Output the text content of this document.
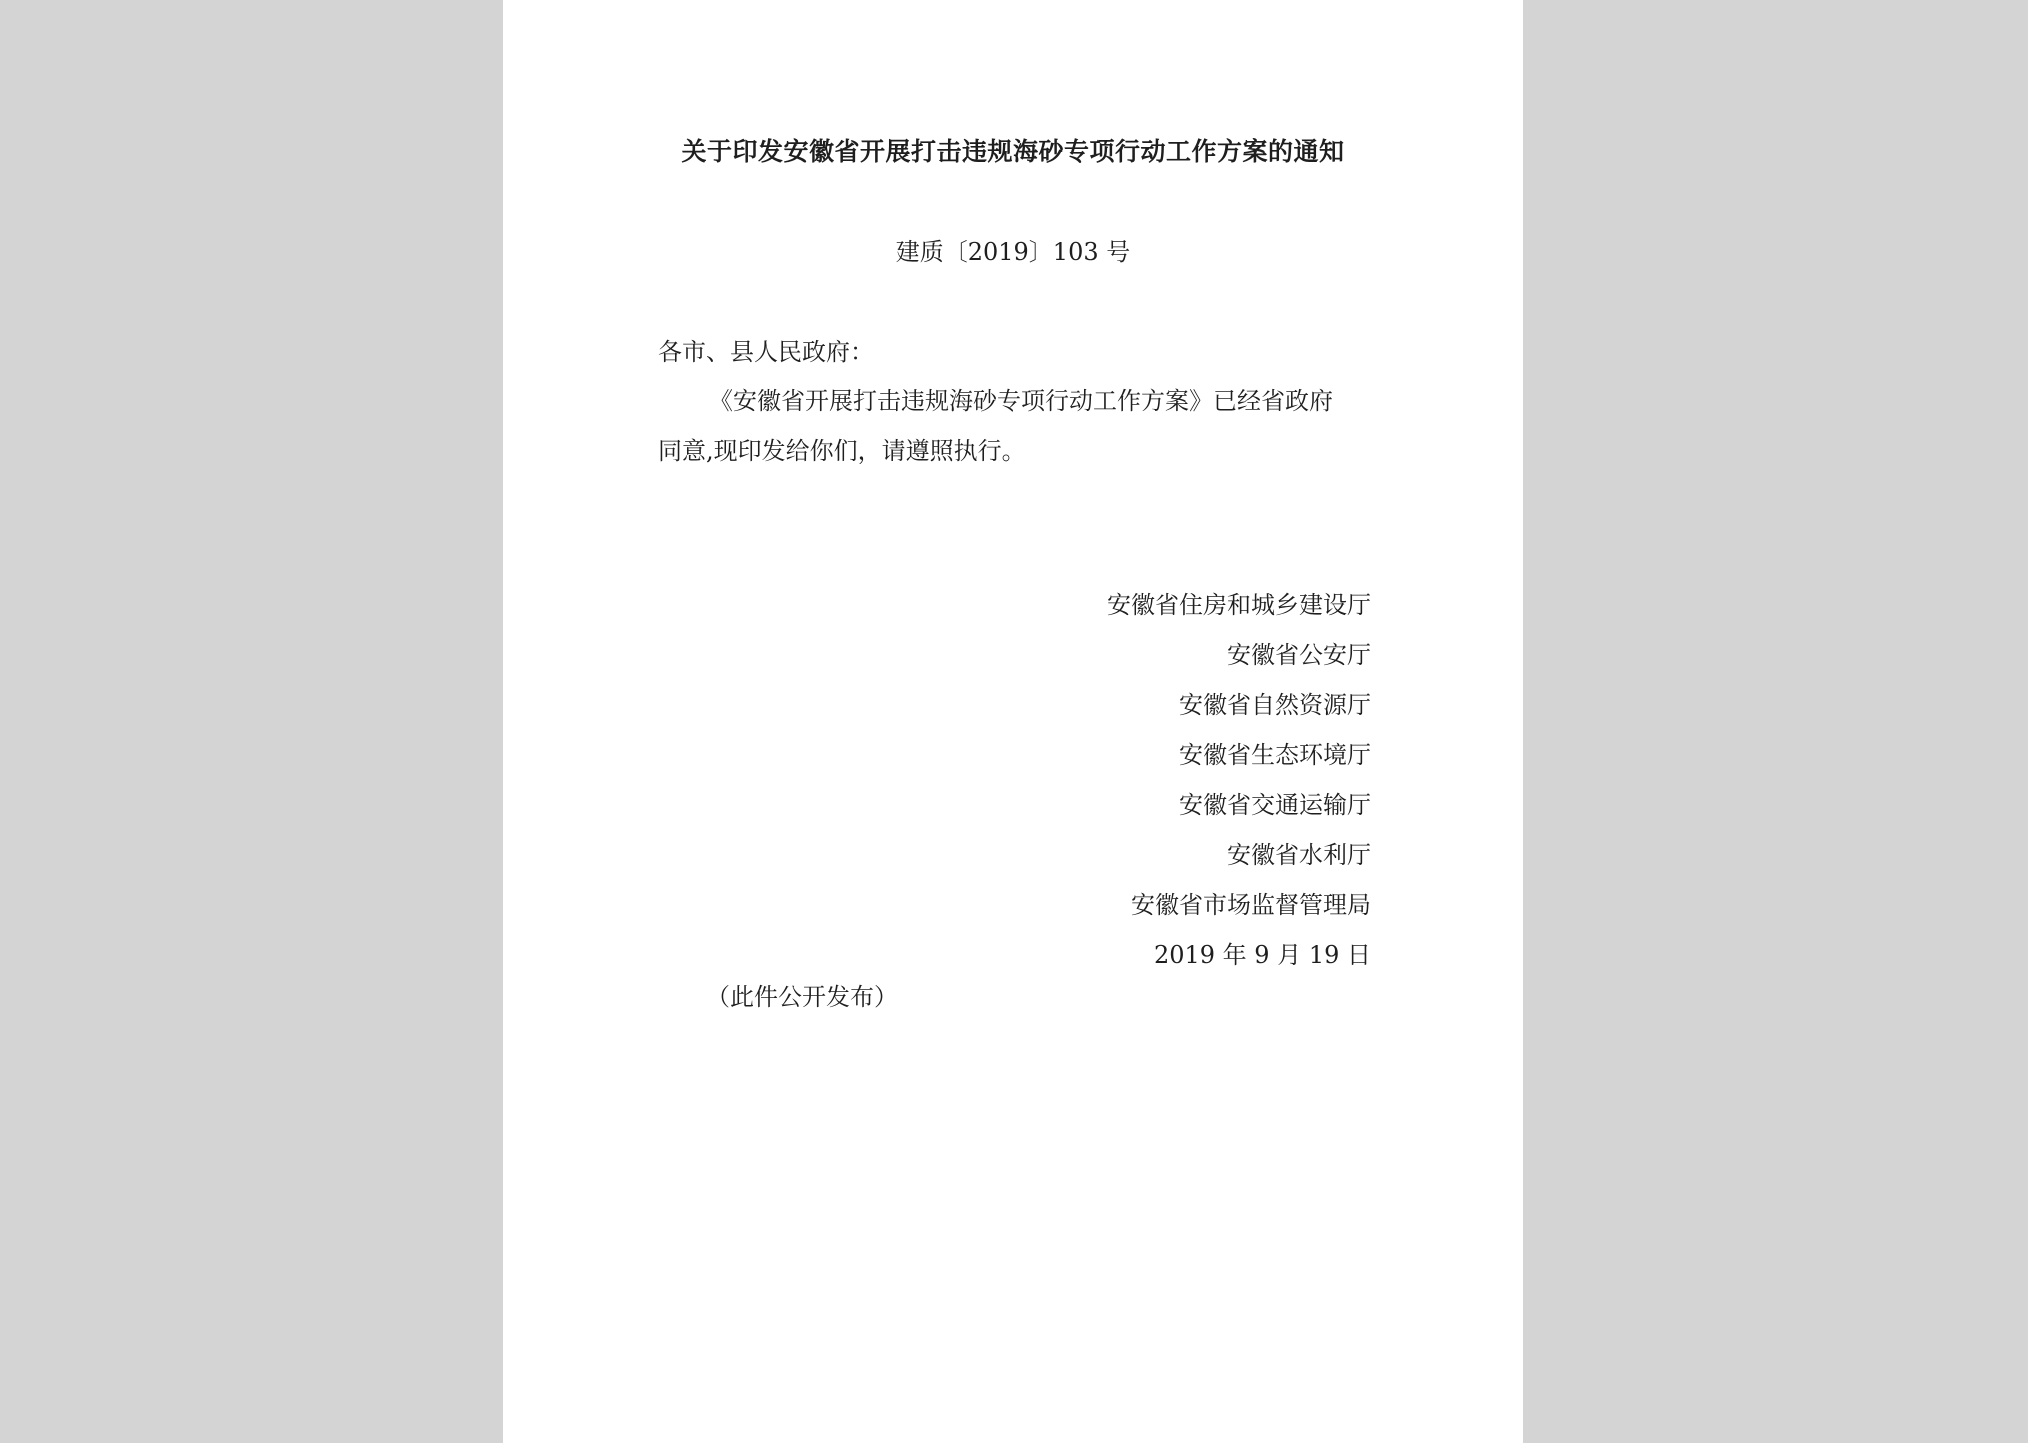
关于印发安徽省开展打击违规海砂专项行动工作方案的通知
建质〔2019〕103 号
各市、县人民政府：
《安徽省开展打击违规海砂专项行动工作方案》已经省政府
同意,现印发给你们，请遵照执行。
安徽省住房和城乡建设厅
安徽省公安厅
安徽省自然资源厅
安徽省生态环境厅
安徽省交通运输厅
安徽省水利厅
安徽省市场监督管理局
2019 年 9 月 19 日
（此件公开发布）
